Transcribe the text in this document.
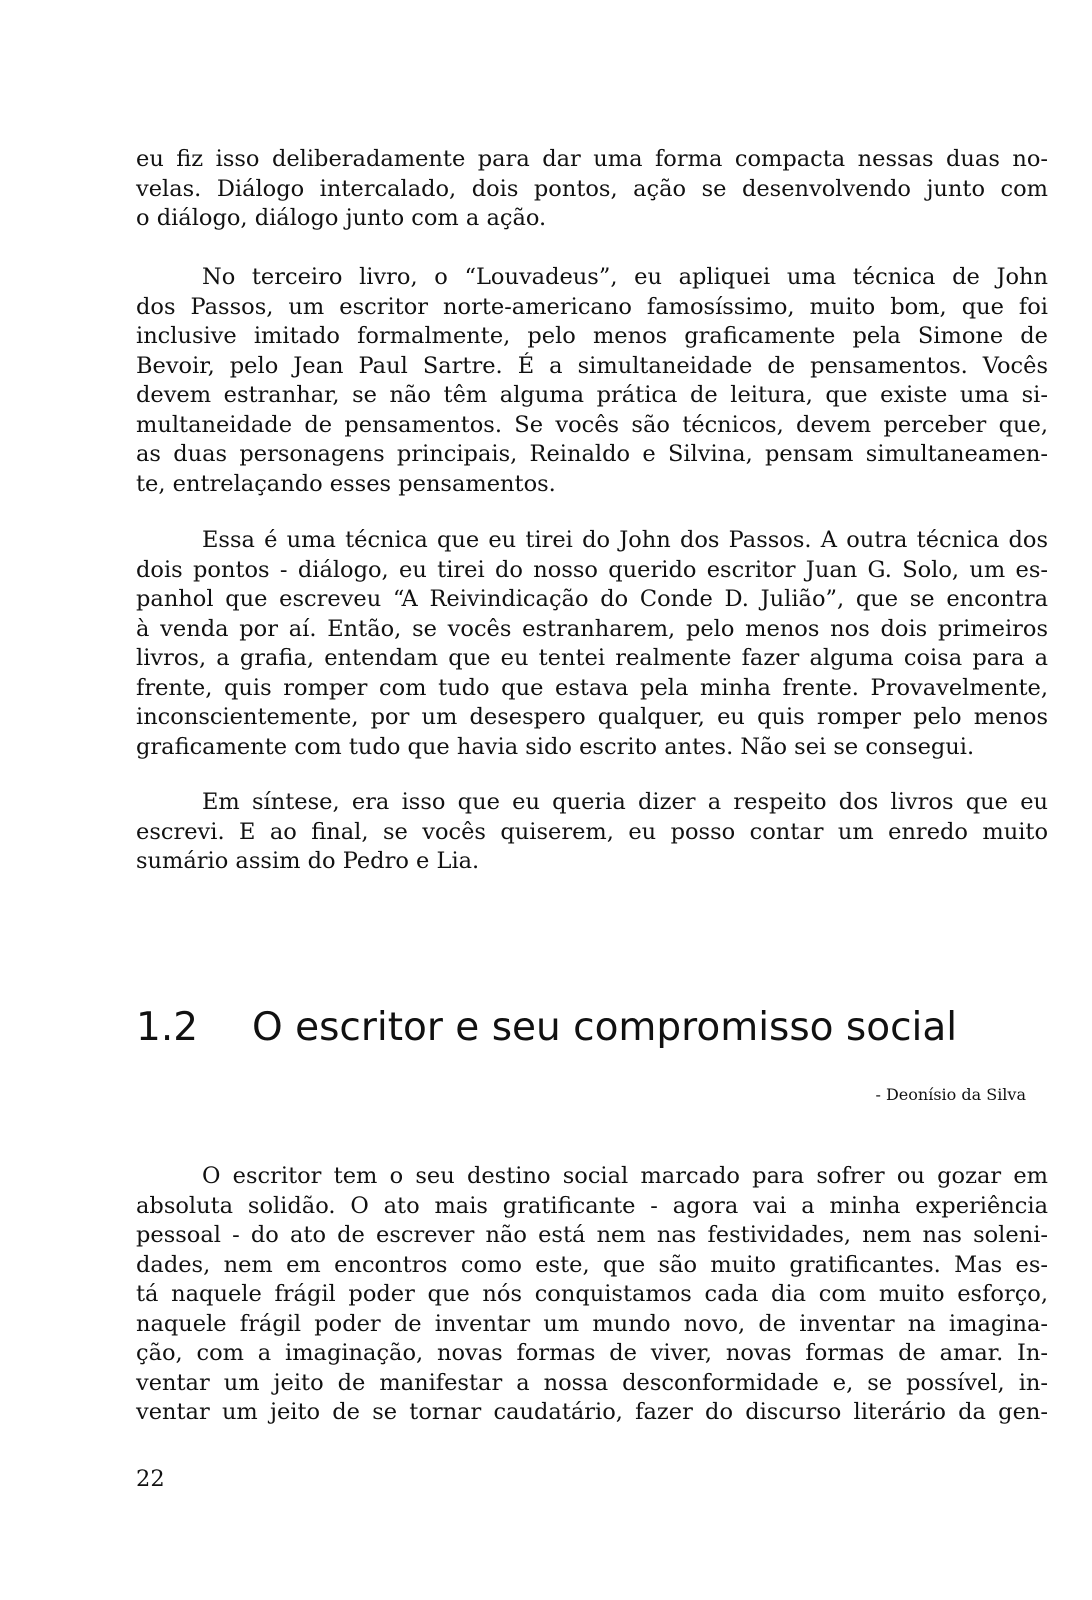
eu fiz isso deliberadamente para dar uma forma compacta nessas duas no-
velas. Diálogo intercalado, dois pontos, ação se desenvolvendo junto com
o diálogo, diálogo junto com a ação.

No terceiro livro, o “Louvadeus”, eu apliquei uma técnica de John
dos Passos, um escritor norte-americano famosíssimo, muito bom, que foi
inclusive imitado formalmente, pelo menos graficamente pela Simone de
Bevoir, pelo Jean Paul Sartre. É a simultaneidade de pensamentos. Vocês
devem estranhar, se não têm alguma prática de leitura, que existe uma si-
multaneidade de pensamentos. Se vocês são técnicos, devem perceber que,
as duas personagens principais, Reinaldo e Silvina, pensam simultaneamen-
te, entrelaçando esses pensamentos.

Essa é uma técnica que eu tirei do John dos Passos. A outra técnica dos
dois pontos - diálogo, eu tirei do nosso querido escritor Juan G. Solo, um es-
panhol que escreveu “A Reivindicação do Conde D. Julião”, que se encontra
à venda por aí. Então, se vocês estranharem, pelo menos nos dois primeiros
livros, a grafia, entendam que eu tentei realmente fazer alguma coisa para a
frente, quis romper com tudo que estava pela minha frente. Provavelmente,
inconscientemente, por um desespero qualquer, eu quis romper pelo menos
graficamente com tudo que havia sido escrito antes. Não sei se consegui.

Em síntese, era isso que eu queria dizer a respeito dos livros que eu
escrevi. E ao final, se vocês quiserem, eu posso contar um enredo muito
sumário assim do Pedro e Lia.

1.2 O escritor e seu compromisso social
- Deonísio da Silva

O escritor tem o seu destino social marcado para sofrer ou gozar em
absoluta solidão. O ato mais gratificante - agora vai a minha experiência
pessoal - do ato de escrever não está nem nas festividades, nem nas soleni-
dades, nem em encontros como este, que são muito gratificantes. Mas es-
tá naquele frágil poder que nós conquistamos cada dia com muito esforço,
naquele frágil poder de inventar um mundo novo, de inventar na imagina-
ção, com a imaginação, novas formas de viver, novas formas de amar. In-
ventar um jeito de manifestar a nossa desconformidade e, se possível, in-
ventar um jeito de se tornar caudatário, fazer do discurso literário da gen-

22
